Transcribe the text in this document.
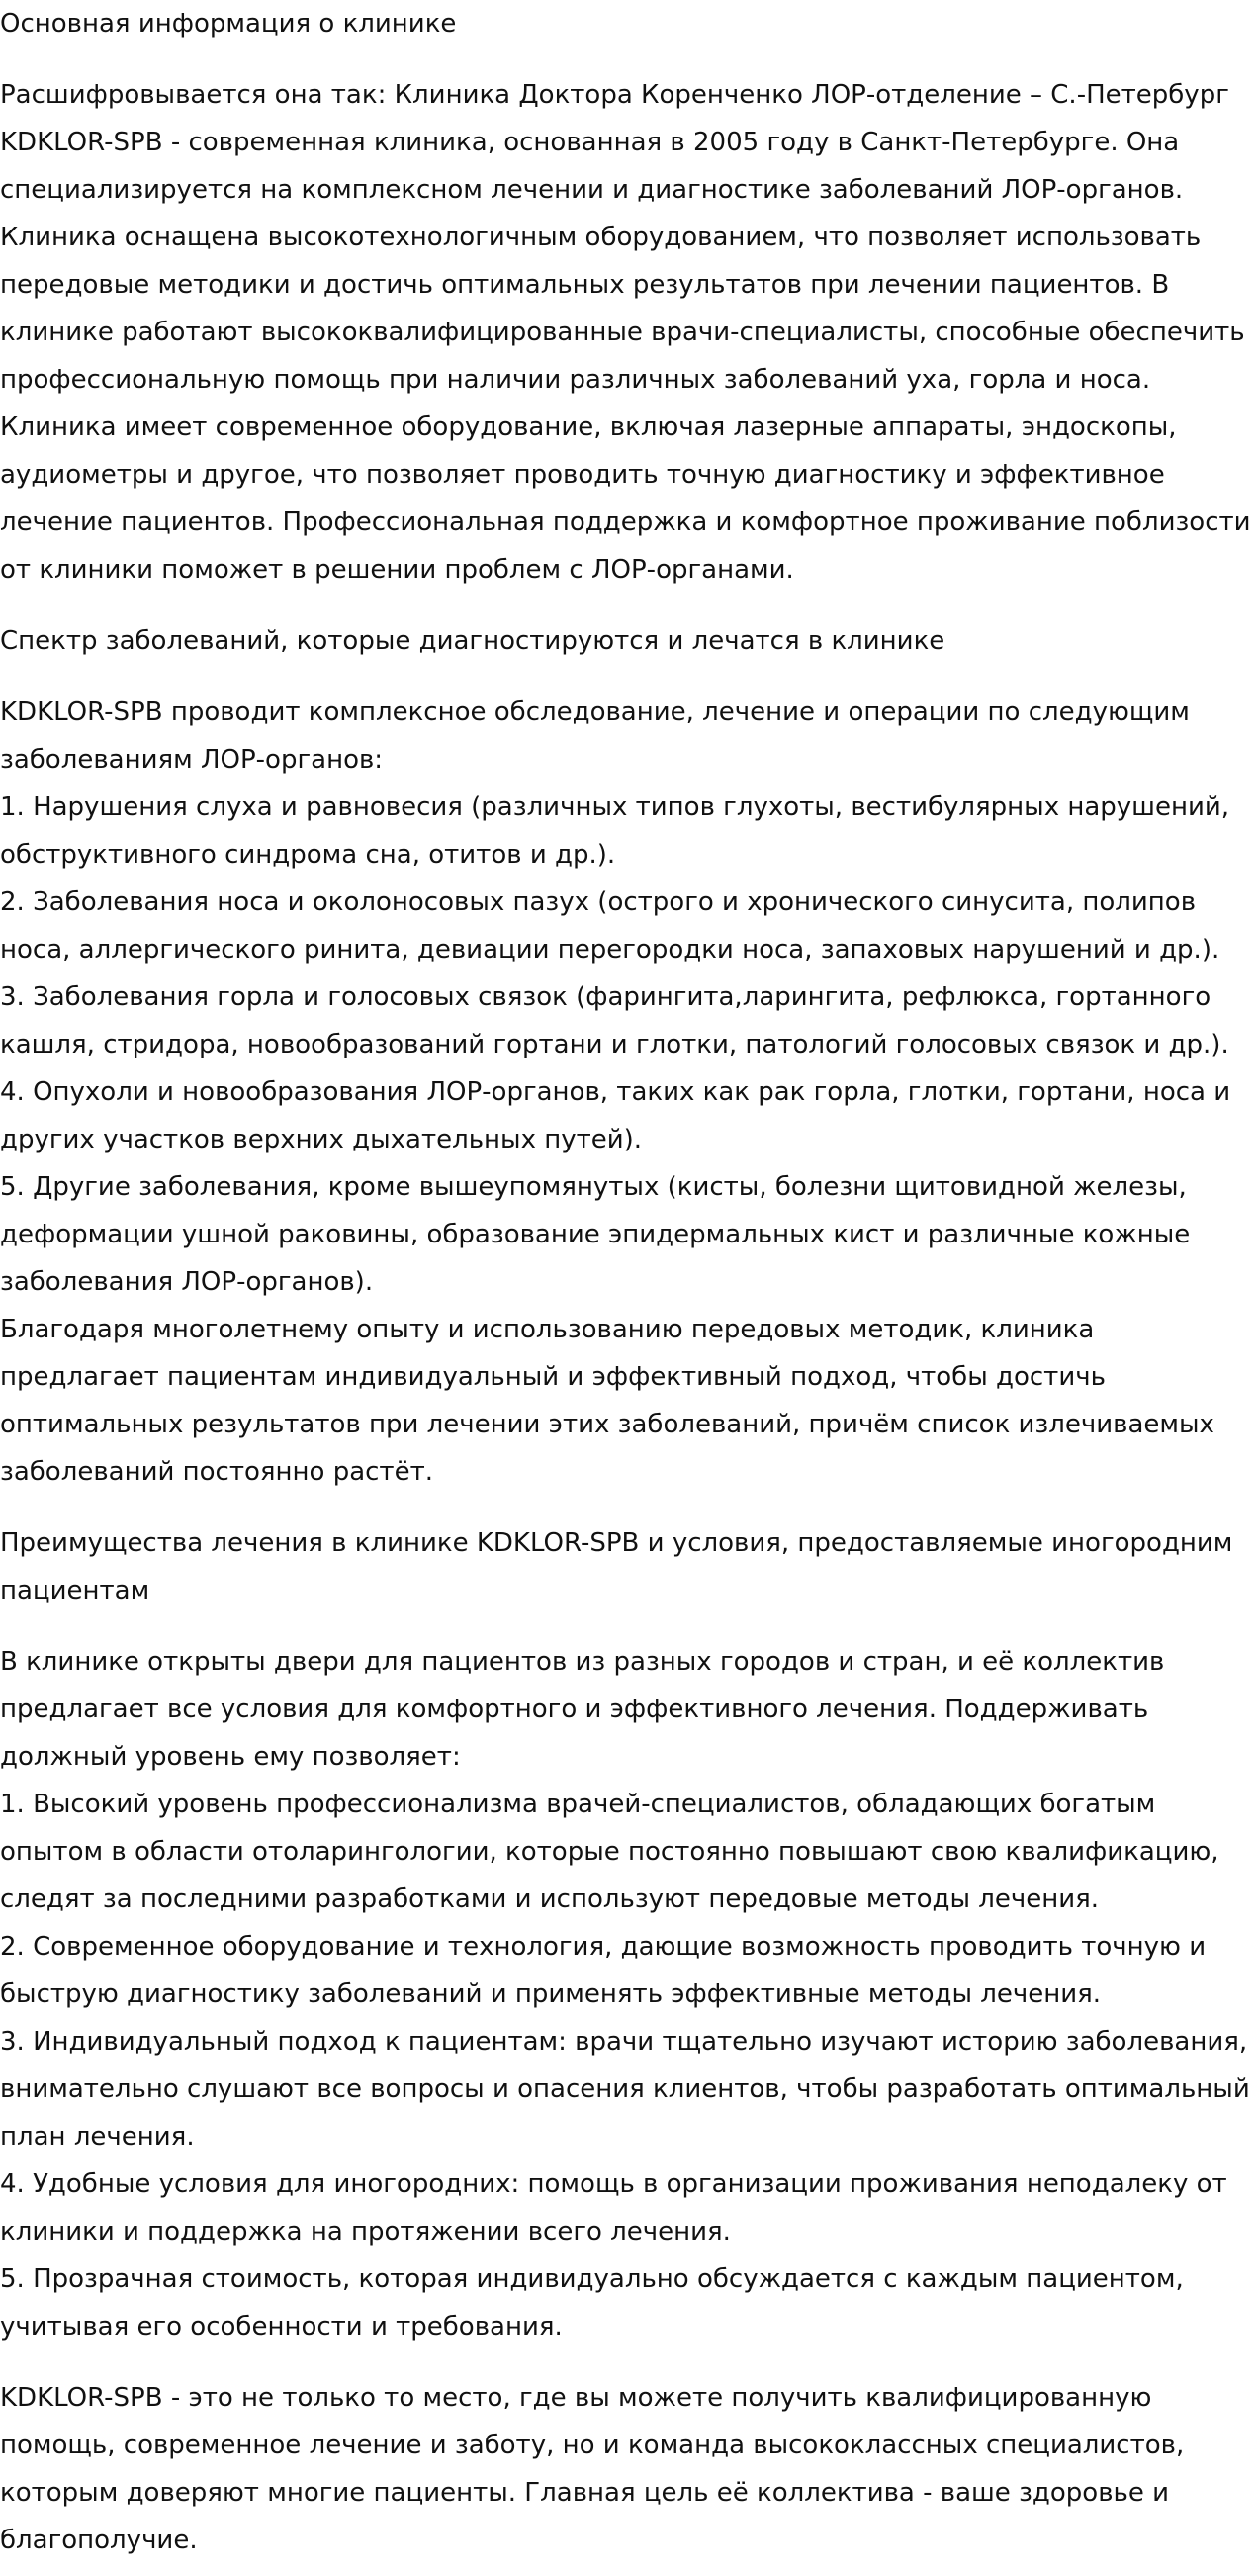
Основная информация о клинике

Расшифровывается она так: Клиника Доктора Коренченко ЛОР-отделение – С.-Петербург KDKLOR-SPB - современная клиника, основанная в 2005 году в Санкт-Петербурге. Она специализируется на комплексном лечении и диагностике заболеваний ЛОР-органов. Клиника оснащена высокотехнологичным оборудованием, что позволяет использовать передовые методики и достичь оптимальных результатов при лечении пациентов. В клинике работают высококвалифицированные врачи-специалисты, способные обеспечить профессиональную помощь при наличии различных заболеваний уха, горла и носа. Клиника имеет современное оборудование, включая лазерные аппараты, эндоскопы, аудиометры и другое, что позволяет проводить точную диагностику и эффективное лечение пациентов. Профессиональная поддержка и комфортное проживание поблизости от клиники поможет в решении проблем с ЛОР-органами.

Спектр заболеваний, которые диагностируются и лечатся в клинике

KDKLOR-SPB проводит комплексное обследование, лечение и операции по следующим заболеваниям ЛОР-органов:

1. Нарушения слуха и равновесия (различных типов глухоты, вестибулярных нарушений, обструктивного синдрома сна, отитов и др.).

2. Заболевания носа и околоносовых пазух (острого и хронического синусита, полипов носа, аллергического ринита, девиации перегородки носа, запаховых нарушений и др.).

3. Заболевания горла и голосовых связок (фарингита,ларингита, рефлюкса, гортанного кашля, стридора, новообразований гортани и глотки, патологий голосовых связок и др.).

4. Опухоли и новообразования ЛОР-органов, таких как рак горла, глотки, гортани, носа и других участков верхних дыхательных путей).

5. Другие заболевания, кроме вышеупомянутых (кисты, болезни щитовидной железы, деформации ушной раковины, образование эпидермальных кист и различные кожные заболевания ЛОР-органов).

Благодаря многолетнему опыту и использованию передовых методик, клиника предлагает пациентам индивидуальный и эффективный подход, чтобы достичь оптимальных результатов при лечении этих заболеваний, причём список излечиваемых заболеваний постоянно растёт.

Преимущества лечения в клинике KDKLOR-SPB и условия, предоставляемые иногородним пациентам

В клинике открыты двери для пациентов из разных городов и стран, и её коллектив предлагает все условия для комфортного и эффективного лечения. Поддерживать должный уровень ему позволяет:

1. Высокий уровень профессионализма врачей-специалистов, обладающих богатым опытом в области отоларингологии, которые постоянно повышают свою квалификацию, следят за последними разработками и используют передовые методы лечения.

2. Современное оборудование и технология, дающие возможность проводить точную и быструю диагностику заболеваний и применять эффективные методы лечения.

3. Индивидуальный подход к пациентам: врачи тщательно изучают историю заболевания, внимательно слушают все вопросы и опасения клиентов, чтобы разработать оптимальный план лечения.

4. Удобные условия для иногородних: помощь в организации проживания неподалеку от клиники и поддержка на протяжении всего лечения.

5. Прозрачная стоимость, которая индивидуально обсуждается с каждым пациентом, учитывая его особенности и требования.

KDKLOR-SPB - это не только то место, где вы можете получить квалифицированную помощь, современное лечение и заботу, но и команда высококлассных специалистов, которым доверяют многие пациенты. Главная цель её коллектива - ваше здоровье и благополучие.
